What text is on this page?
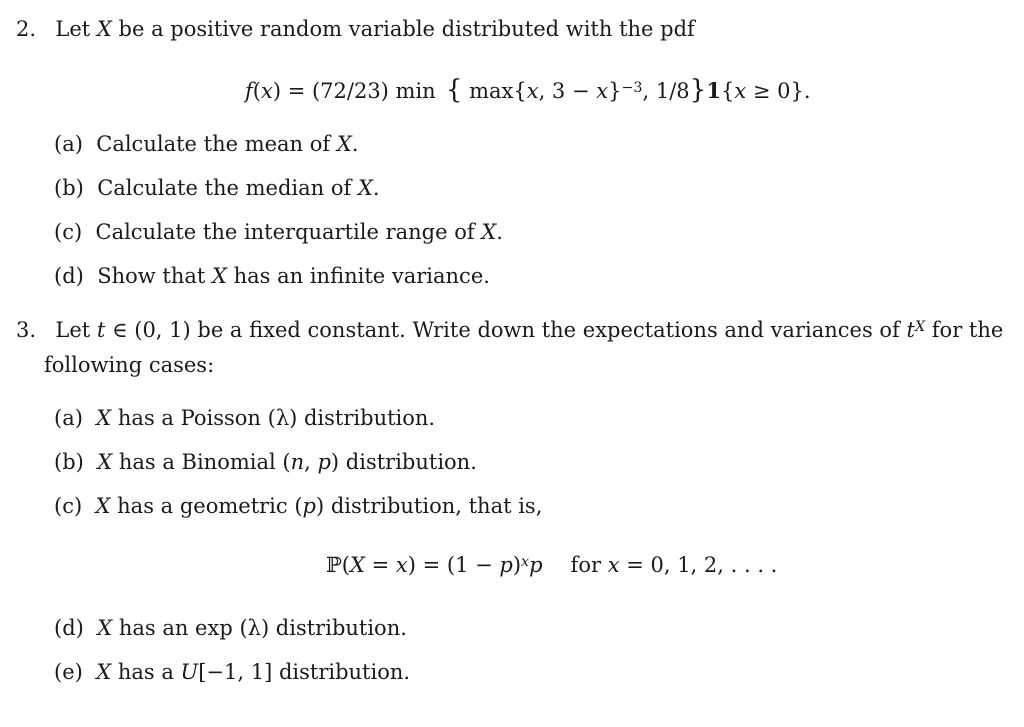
2.  Let X be a positive random variable distributed with the pdf
f(x) = (72/23) min { max{x, 3 − x}$^{-3}$, 1/8}1{x ≥ 0}.
(a)  Calculate the mean of X.
(b)  Calculate the median of X.
(c)  Calculate the interquartile range of X.
(d)  Show that X has an infinite variance.
3.  Let t ∈ (0, 1) be a fixed constant. Write down the expectations and variances of $t^X$ for the
following cases:
(a) X has a Poisson (λ) distribution.
(b) X has a Binomial (n, p) distribution.
(c) X has a geometric (p) distribution, that is,
ℙ(X = $x) = (1 - p)^xp$ for x = 0, 1, 2, . . . .
(d) X has an exp (λ) distribution.
(e) X has a U[−1, 1] distribution.
